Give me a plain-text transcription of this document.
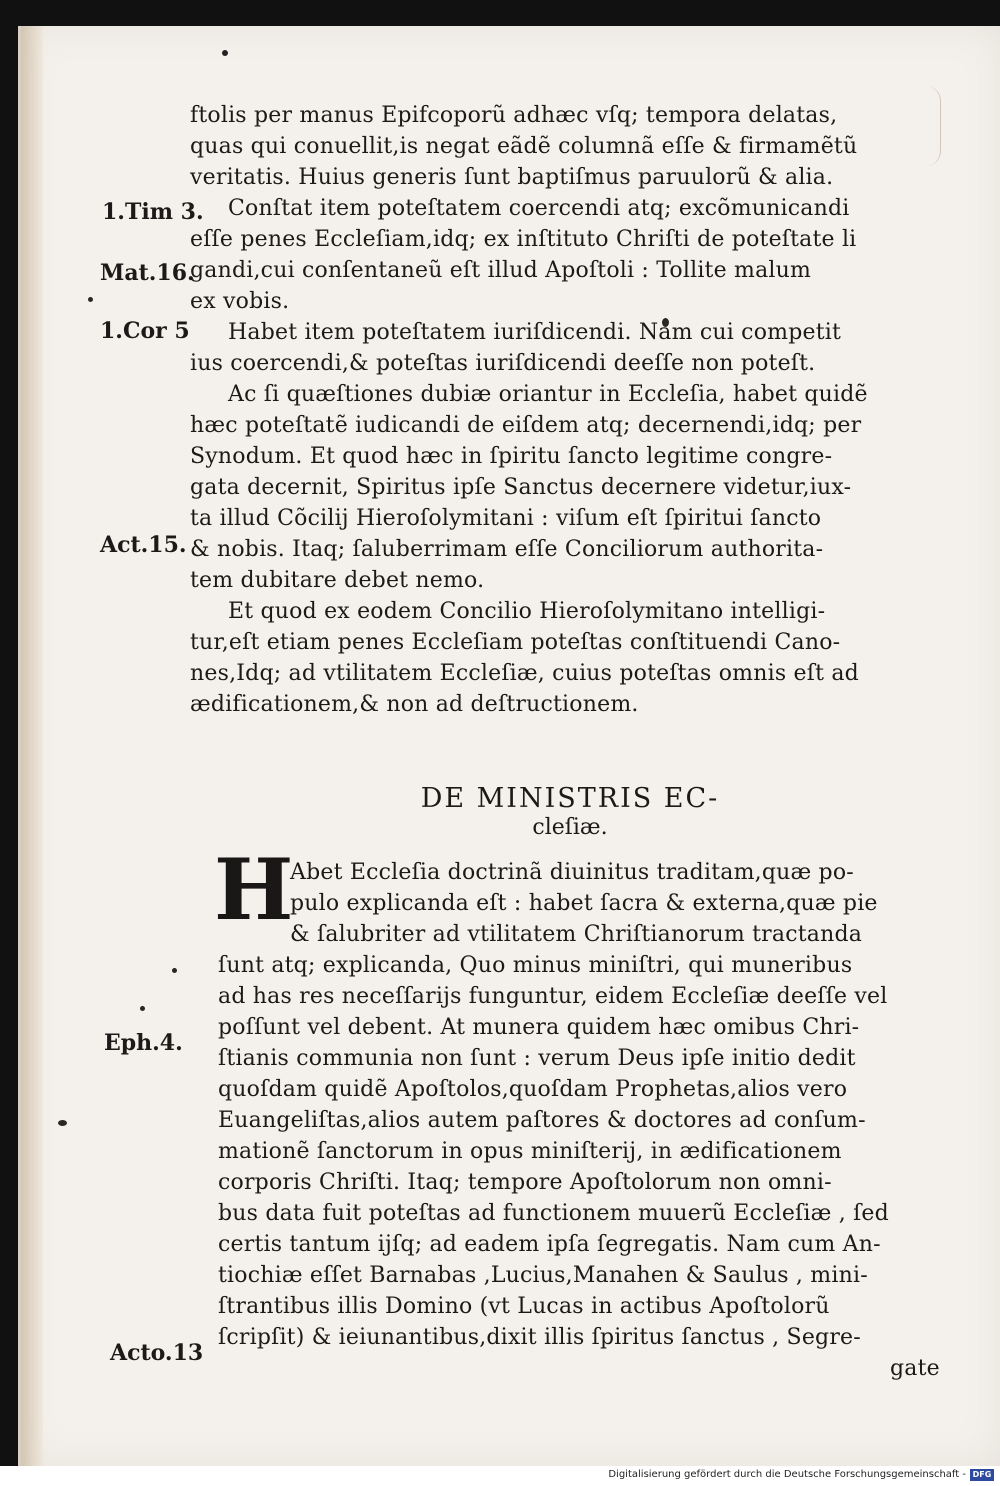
1.Tim 3.
Mat.16.
1.Cor 5
Act.15.
Eph.4.
Acto.13
ftolis per manus Epifcoporũ adhæc vſq; tempora delatas,
quas qui conuellit,is negat eãdẽ columnã eſſe & firmamẽtũ
veritatis. Huius generis ſunt baptiſmus paruulorũ & alia.
Conſtat item poteſtatem coercendi atq; excõmunicandi
eſſe penes Eccleſiam,idq; ex inſtituto Chriſti de poteſtate li
gandi,cui conſentaneũ eſt illud Apoſtoli : Tollite malum
ex vobis.
Habet item poteſtatem iuriſdicendi. Nam cui competit
ius coercendi,& poteſtas iuriſdicendi deeſſe non poteſt.
Ac ſi quæſtiones dubiæ oriantur in Eccleſia, habet quidẽ
hæc poteſtatẽ iudicandi de eiſdem atq; decernendi,idq; per
Synodum. Et quod hæc in ſpiritu ſancto legitime congre-
gata decernit, Spiritus ipſe Sanctus decernere videtur,iux-
ta illud Cõcilij Hieroſolymitani : viſum eſt ſpiritui ſancto
& nobis. Itaq; ſaluberrimam eſſe Conciliorum authorita-
tem dubitare debet nemo.
Et quod ex eodem Concilio Hieroſolymitano intelligi-
tur,eſt etiam penes Eccleſiam poteſtas conſtituendi Cano-
nes,Idq; ad vtilitatem Eccleſiæ, cuius poteſtas omnis eſt ad
ædificationem,& non ad deſtructionem.
DE MINISTRIS EC-
cleſiæ.
H
Abet Eccleſia doctrinã diuinitus traditam,quæ po-
pulo explicanda eſt : habet ſacra & externa,quæ pie
& ſalubriter ad vtilitatem Chriſtianorum tractanda
ſunt atq; explicanda, Quo minus miniſtri, qui muneribus
ad has res neceſſarijs funguntur, eidem Eccleſiæ deeſſe vel
poſſunt vel debent. At munera quidem hæc omibus Chri-
ſtianis communia non ſunt : verum Deus ipſe initio dedit
quoſdam quidẽ Apoſtolos,quoſdam Prophetas,alios vero
Euangeliſtas,alios autem paſtores & doctores ad conſum-
mationẽ ſanctorum in opus miniſterij, in ædificationem
corporis Chriſti. Itaq; tempore Apoſtolorum non omni-
bus data fuit poteſtas ad functionem muuerũ Eccleſiæ , ſed
certis tantum ijſq; ad eadem ipſa ſegregatis. Nam cum An-
tiochiæ eſſet Barnabas ,Lucius,Manahen & Saulus , mini-
ſtrantibus illis Domino (vt Lucas in actibus Apoſtolorũ
ſcripſit) & ieiunantibus,dixit illis ſpiritus ſanctus , Segre-
gate
Digitalisierung gefördert durch die Deutsche Forschungsgemeinschaft - DFG
